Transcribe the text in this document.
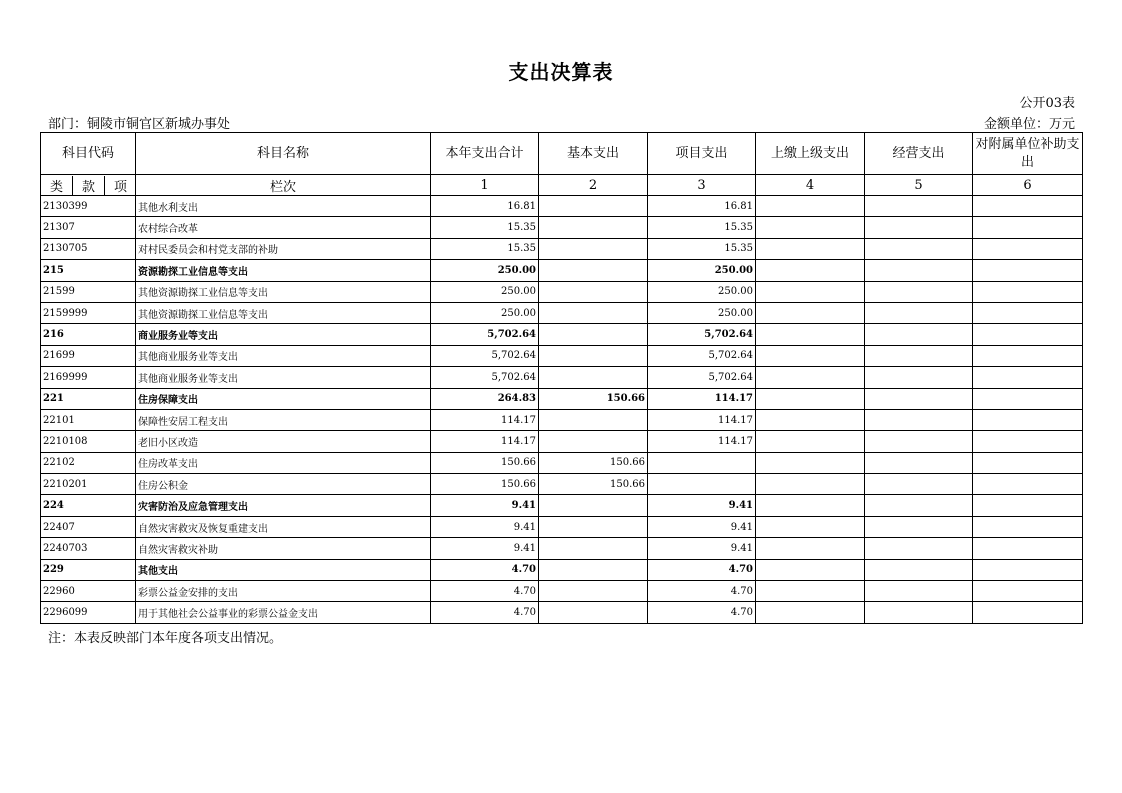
支出决算表
公开03表
部门：铜陵市铜官区新城办事处	金额单位：万元
科目代码	科目名称	本年支出合计	基本支出	项目支出	上缴上级支出	经营支出	对附属单位补助支出
类 款 项	栏次	1	2	3	4	5	6
2130399	其他水利支出	16.81		16.81			
21307	农村综合改革	15.35		15.35			
2130705	对村民委员会和村党支部的补助	15.35		15.35			
215	资源勘探工业信息等支出	250.00		250.00			
21599	其他资源勘探工业信息等支出	250.00		250.00			
2159999	其他资源勘探工业信息等支出	250.00		250.00			
216	商业服务业等支出	5,702.64		5,702.64			
21699	其他商业服务业等支出	5,702.64		5,702.64			
2169999	其他商业服务业等支出	5,702.64		5,702.64			
221	住房保障支出	264.83	150.66	114.17			
22101	保障性安居工程支出	114.17		114.17			
2210108	老旧小区改造	114.17		114.17			
22102	住房改革支出	150.66	150.66				
2210201	住房公积金	150.66	150.66				
224	灾害防治及应急管理支出	9.41		9.41			
22407	自然灾害救灾及恢复重建支出	9.41		9.41			
2240703	自然灾害救灾补助	9.41		9.41			
229	其他支出	4.70		4.70			
22960	彩票公益金安排的支出	4.70		4.70			
2296099	用于其他社会公益事业的彩票公益金支出	4.70		4.70			
注：本表反映部门本年度各项支出情况。
